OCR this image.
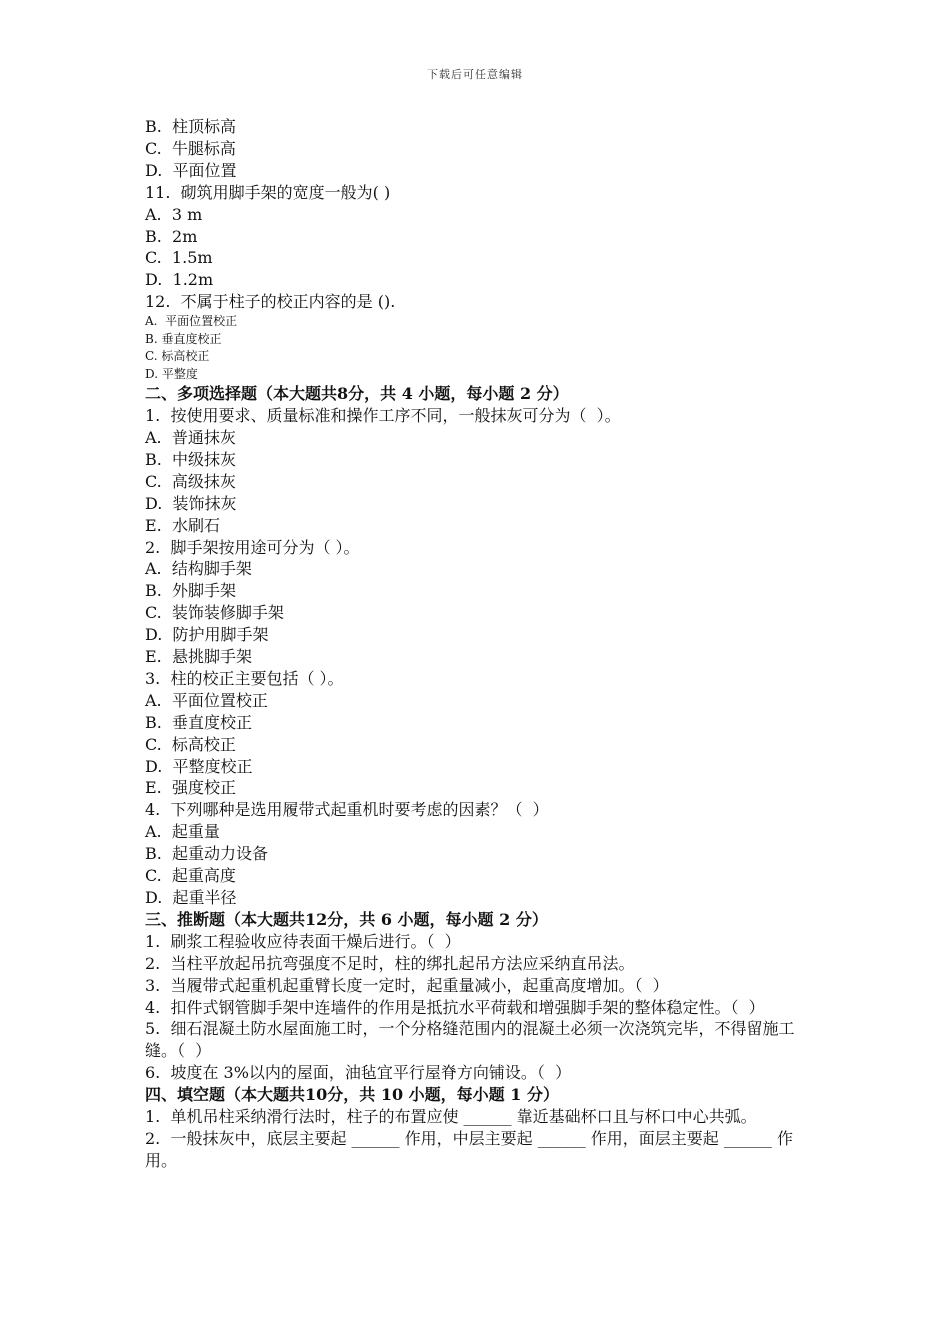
下载后可任意编辑
B.  柱顶标高
C.  牛腿标高
D.  平面位置
11.  砌筑用脚手架的宽度一般为( )
A.  3 m
B.  2m
C.  1.5m
D.  1.2m
12.  不属于柱子的校正内容的是 ().
A.  平面位置校正
B. 垂直度校正
C. 标高校正
D. 平整度
二、多项选择题（本大题共8分，共 4 小题，每小题 2 分）
1.  按使用要求、质量标准和操作工序不同，一般抹灰可分为（  ）。
A.  普通抹灰
B.  中级抹灰
C.  高级抹灰
D.  装饰抹灰
E.  水刷石
2.  脚手架按用途可分为（ ）。
A.  结构脚手架
B.  外脚手架
C.  装饰装修脚手架
D.  防护用脚手架
E.  悬挑脚手架
3.  柱的校正主要包括（ ）。
A.  平面位置校正
B.  垂直度校正
C.  标高校正
D.  平整度校正
E.  强度校正
4.  下列哪种是选用履带式起重机时要考虑的因素？（  ）
A.  起重量
B.  起重动力设备
C.  起重高度
D.  起重半径
三、推断题（本大题共12分，共 6 小题，每小题 2 分）
1.  刷浆工程验收应待表面干燥后进行。（  ）
2.  当柱平放起吊抗弯强度不足时，柱的绑扎起吊方法应采纳直吊法。
3.  当履带式起重机起重臂长度一定时，起重量减小，起重高度增加。（  ）
4.  扣件式钢管脚手架中连墙件的作用是抵抗水平荷载和增强脚手架的整体稳定性。（  ）
5.  细石混凝土防水屋面施工时，一个分格缝范围内的混凝土必须一次浇筑完毕，不得留施工缝。（  ）
6.  坡度在 3%以内的屋面，油毡宜平行屋脊方向铺设。（  ）
四、填空题（本大题共10分，共 10 小题，每小题 1 分）
1.  单机吊柱采纳滑行法时，柱子的布置应使 ______ 靠近基础杯口且与杯口中心共弧。
2.  一般抹灰中，底层主要起 ______ 作用，中层主要起 ______ 作用，面层主要起 ______ 作用。
